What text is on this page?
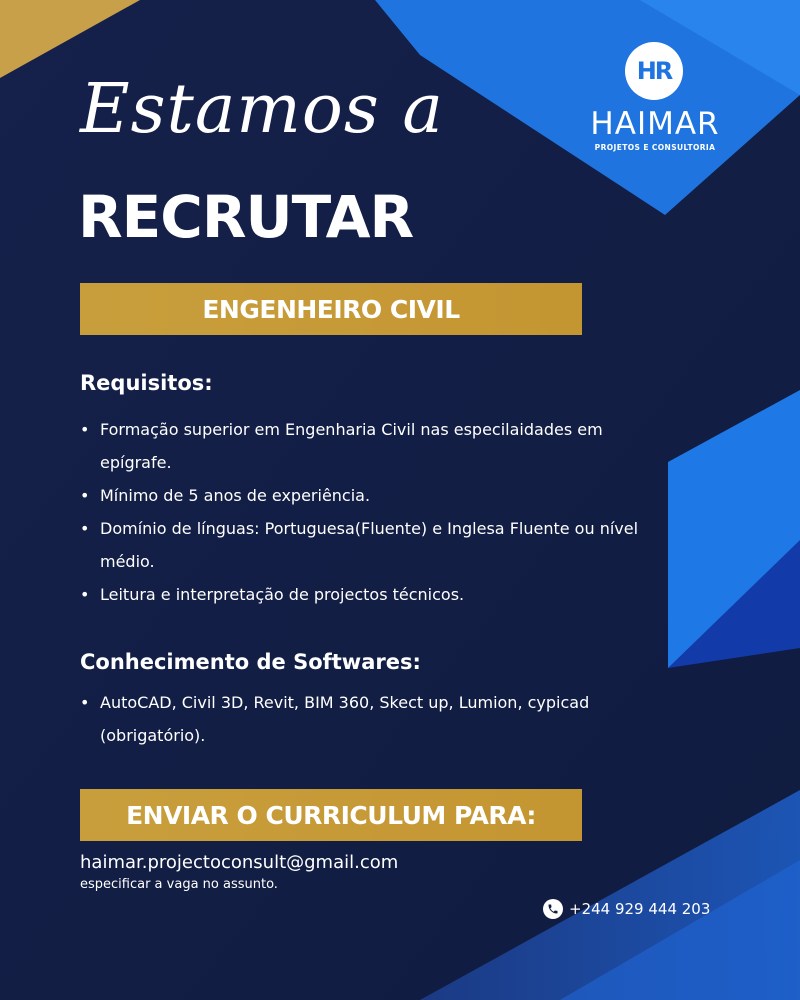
HR
HAIMAR
PROJETOS E CONSULTORIA
Estamos a
RECRUTAR
ENGENHEIRO CIVIL
Requisitos:
• Formação superior em Engenharia Civil nas especilaidades em epígrafe.
• Mínimo de 5 anos de experiência.
• Domínio de línguas: Portuguesa(Fluente) e Inglesa Fluente ou nível médio.
• Leitura e interpretação de projectos técnicos.
Conhecimento de Softwares:
• AutoCAD, Civil 3D, Revit, BIM 360, Skect up, Lumion, cypicad (obrigatório).
ENVIAR O CURRICULUM PARA:
haimar.projectoconsult@gmail.com
especificar a vaga no assunto.
+244 929 444 203
